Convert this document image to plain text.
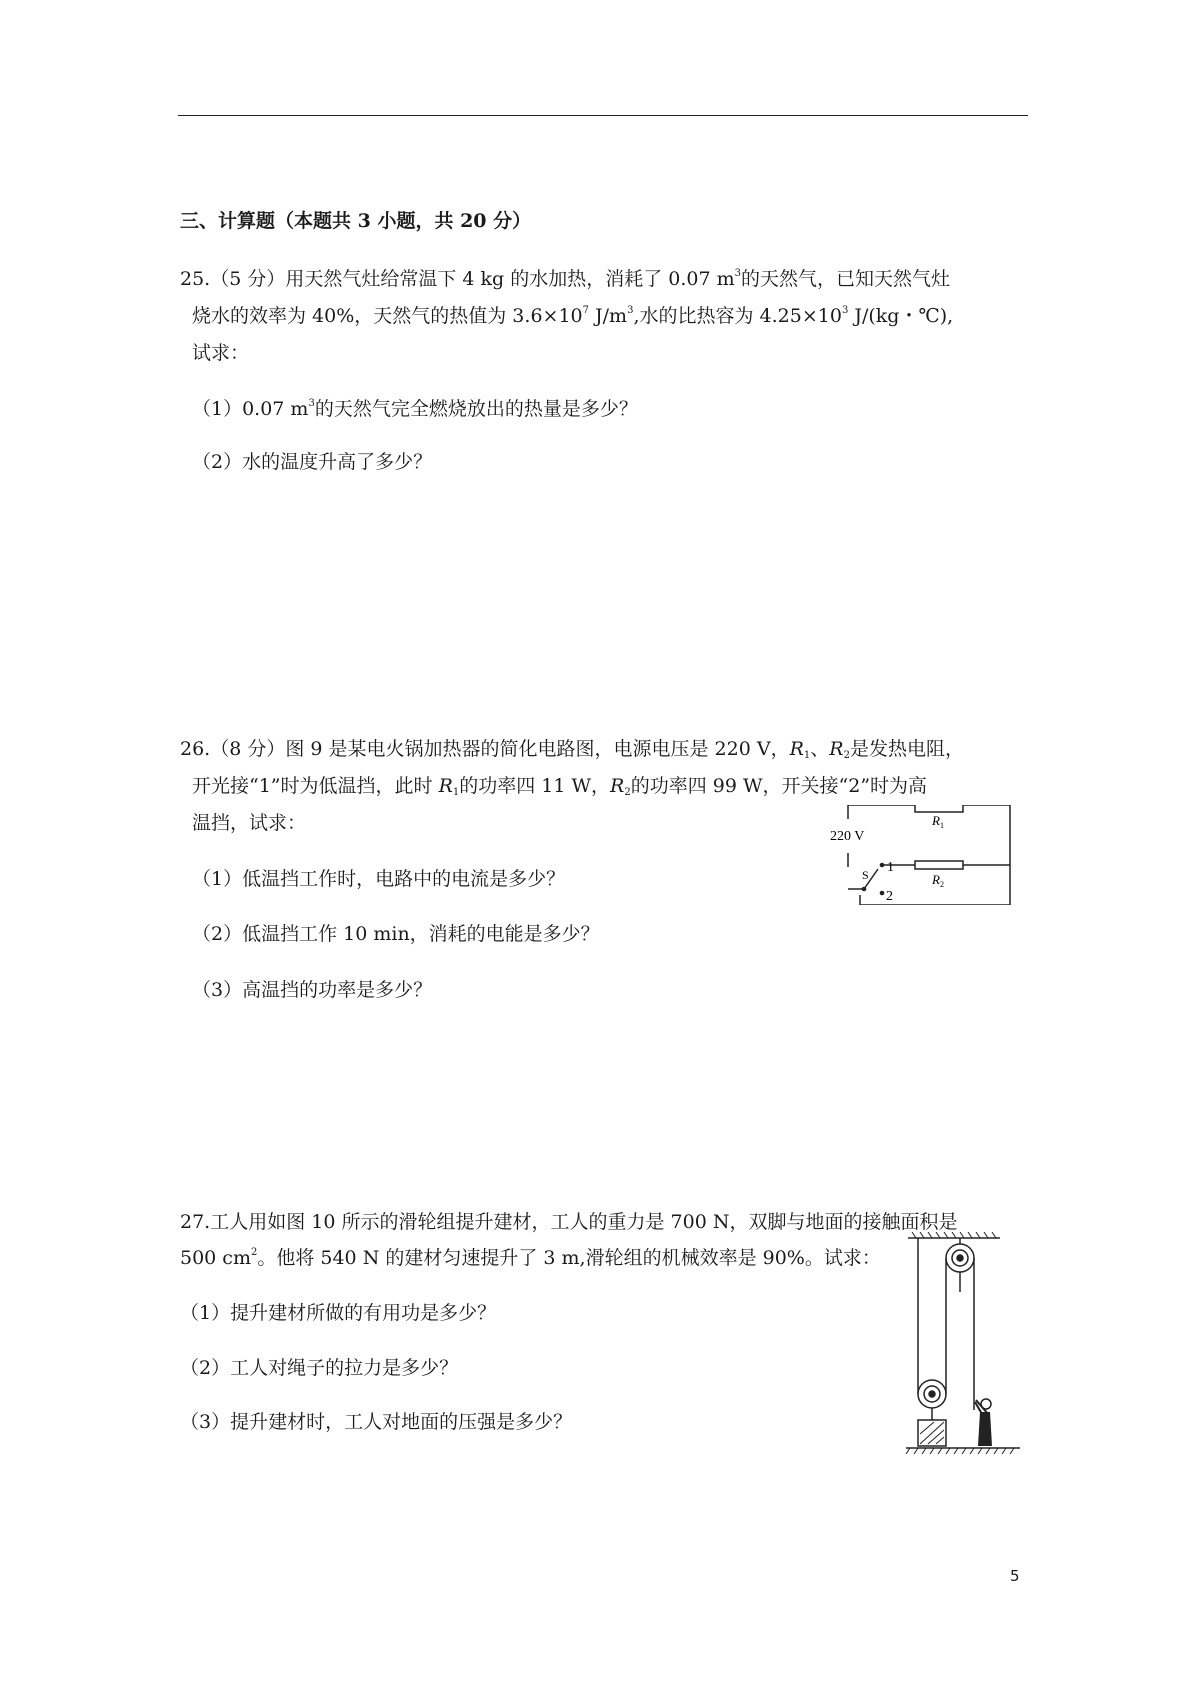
三、计算题（本题共 3 小题，共 20 分）
25.（5 分）用天然气灶给常温下 4 kg 的水加热，消耗了 0.07 $m^3$的天然气，已知天然气灶
烧水的效率为 40%，天然气的热值为 $3.6\times 10^7$ $J/m^3$,水的比热容为 $4.25\times 10^3$ J/(kg・℃),
试求：
（1）0.07 $m^3$的天然气完全燃烧放出的热量是多少？
（2）水的温度升高了多少？
26.（8 分）图 9 是某电火锅加热器的简化电路图，电源电压是 220 V，$R_1$、$R_2$是发热电阻，
开光接“1”时为低温挡，此时 $R_1$的功率四 11 W，$R_2$的功率四 99 W，开关接“2”时为高
温挡，试求：
（1）低温挡工作时，电路中的电流是多少？
（2）低温挡工作 10 min，消耗的电能是多少？
（3）高温挡的功率是多少？
220 V
$R_1$
$R_2$
S 1
2
27.工人用如图 10 所示的滑轮组提升建材，工人的重力是 700 N，双脚与地面的接触面积是
500 $cm^2$。他将 540 N 的建材匀速提升了 3 m,滑轮组的机械效率是 90%。试求：
（1）提升建材所做的有用功是多少？
（2）工人对绳子的拉力是多少？
（3）提升建材时，工人对地面的压强是多少？
5
